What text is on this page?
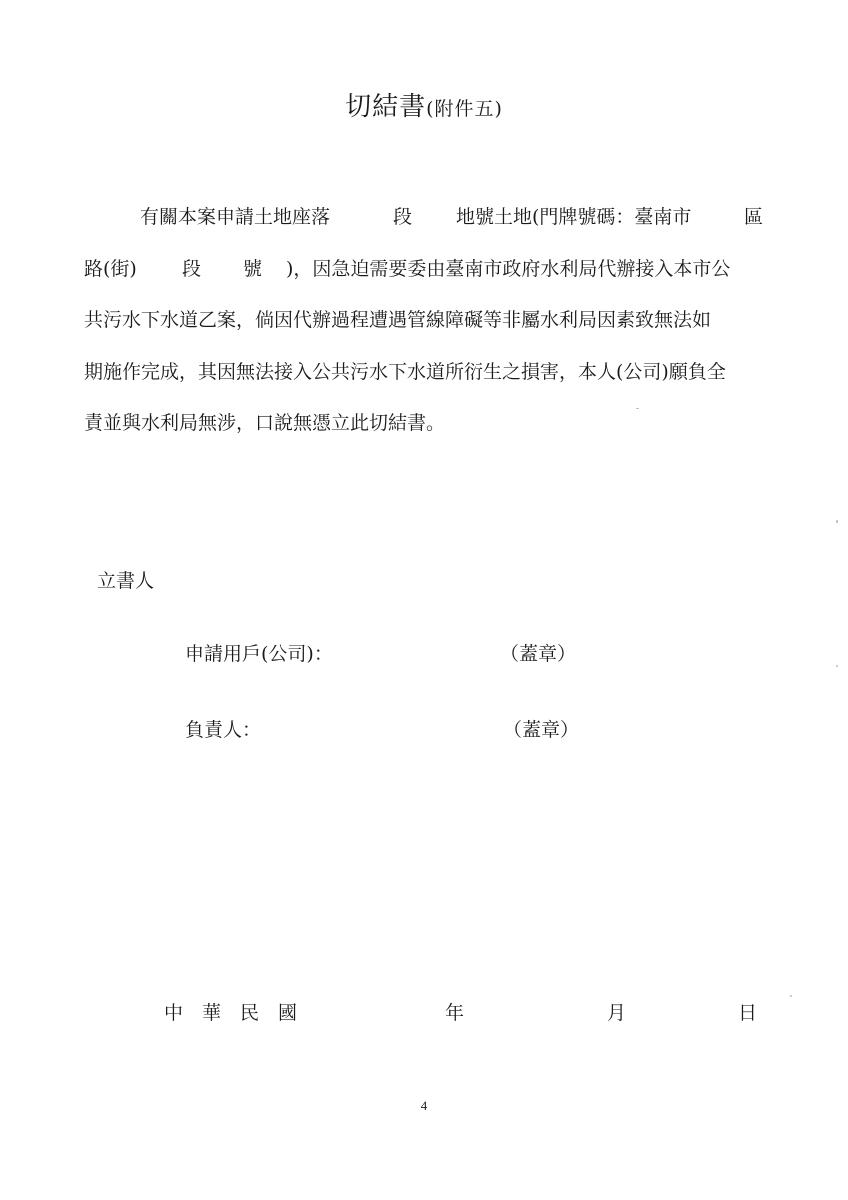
切結書(附件五)
有關本案申請土地座落	段 地號土地(門牌號碼：臺南市	區
路(街) 段 號 )，因急迫需要委由臺南市政府水利局代辦接入本市公
共污水下水道乙案，倘因代辦過程遭遇管線障礙等非屬水利局因素致無法如
期施作完成，其因無法接入公共污水下水道所衍生之損害，本人(公司)願負全
責並與水利局無涉，口說無憑立此切結書。
立書人
申請用戶(公司)：	（蓋章）
負責人：	（蓋章）
中　華　民　國	年	月	日
4
